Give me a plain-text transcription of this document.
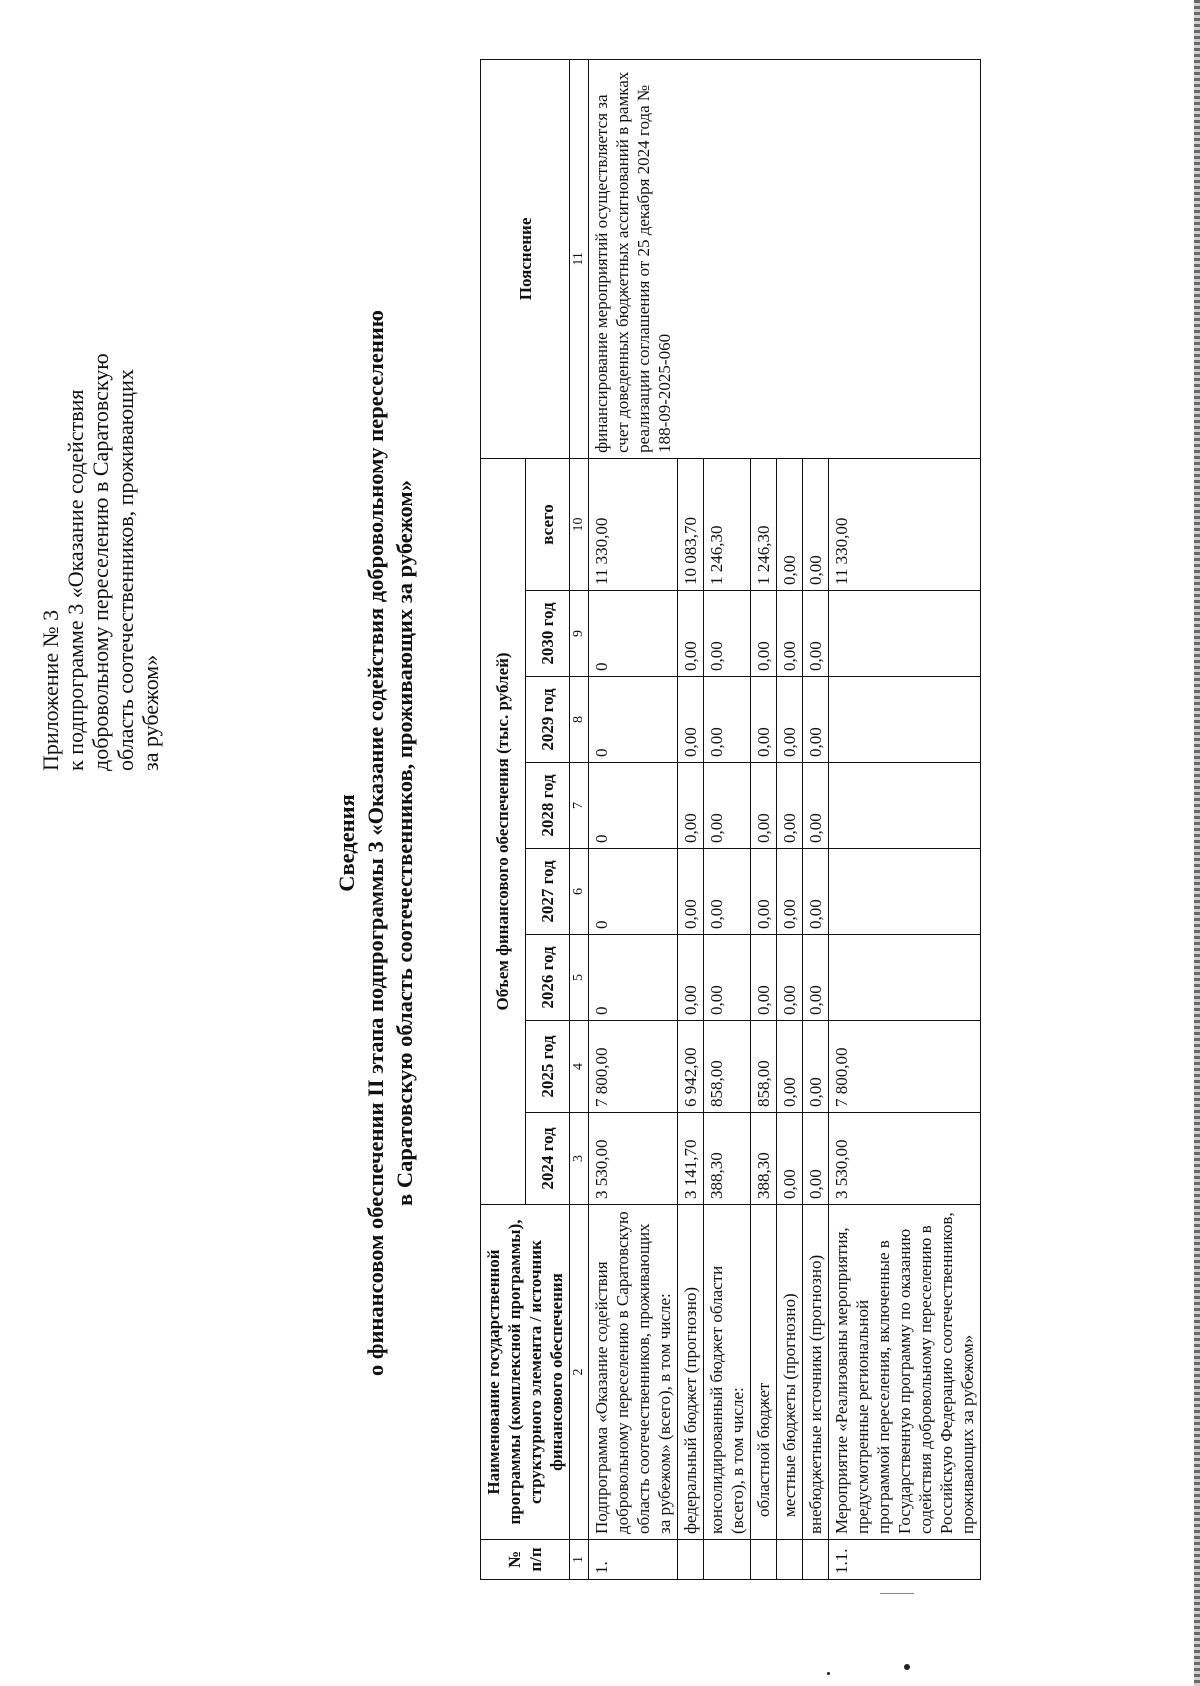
Приложение № 3 к подпрограмме 3 «Оказание содействия добровольному переселению в Саратовскую область соотечественников, проживающих за рубежом»
Сведения о финансовом обеспечении II этапа подпрограммы 3 «Оказание содействия добровольному переселению в Саратовскую область соотечественников, проживающих за рубежом»
№ п/п	Наименование государственной программы (комплексной программы), структурного элемента / источник финансового обеспечения	Объем финансового обеспечения (тыс. рублей)								Пояснение
		2024 год	2025 год	2026 год	2027 год	2028 год	2029 год	2030 год	всего	
1	2	3	4	5	6	7	8	9	10	11
1.	Подпрограмма «Оказание содействия добровольному переселению в Саратовскую область соотечественников, проживающих за рубежом» (всего), в том числе:	3 530,00	7 800,00	0	0	0	0	0	11 330,00	финансирование мероприятий осуществляется за счет доведенных бюджетных ассигнований в рамках реализации соглашения от 25 декабря 2024 года № 188-09-2025-060
	федеральный бюджет (прогнозно)	3 141,70	6 942,00	0,00	0,00	0,00	0,00	0,00	10 083,70	
	консолидированный бюджет области (всего), в том числе:	388,30	858,00	0,00	0,00	0,00	0,00	0,00	1 246,30	
	областной бюджет	388,30	858,00	0,00	0,00	0,00	0,00	0,00	1 246,30	
	местные бюджеты (прогнозно)	0,00	0,00	0,00	0,00	0,00	0,00	0,00	0,00	
	внебюджетные источники (прогнозно)	0,00	0,00	0,00	0,00	0,00	0,00	0,00	0,00	
1.1.	Мероприятие «Реализованы мероприятия, предусмотренные региональной программой переселения, включенные в Государственную программу по оказанию содействия добровольному переселению в Российскую Федерацию соотечественников, проживающих за рубежом»	3 530,00	7 800,00						11 330,00	
